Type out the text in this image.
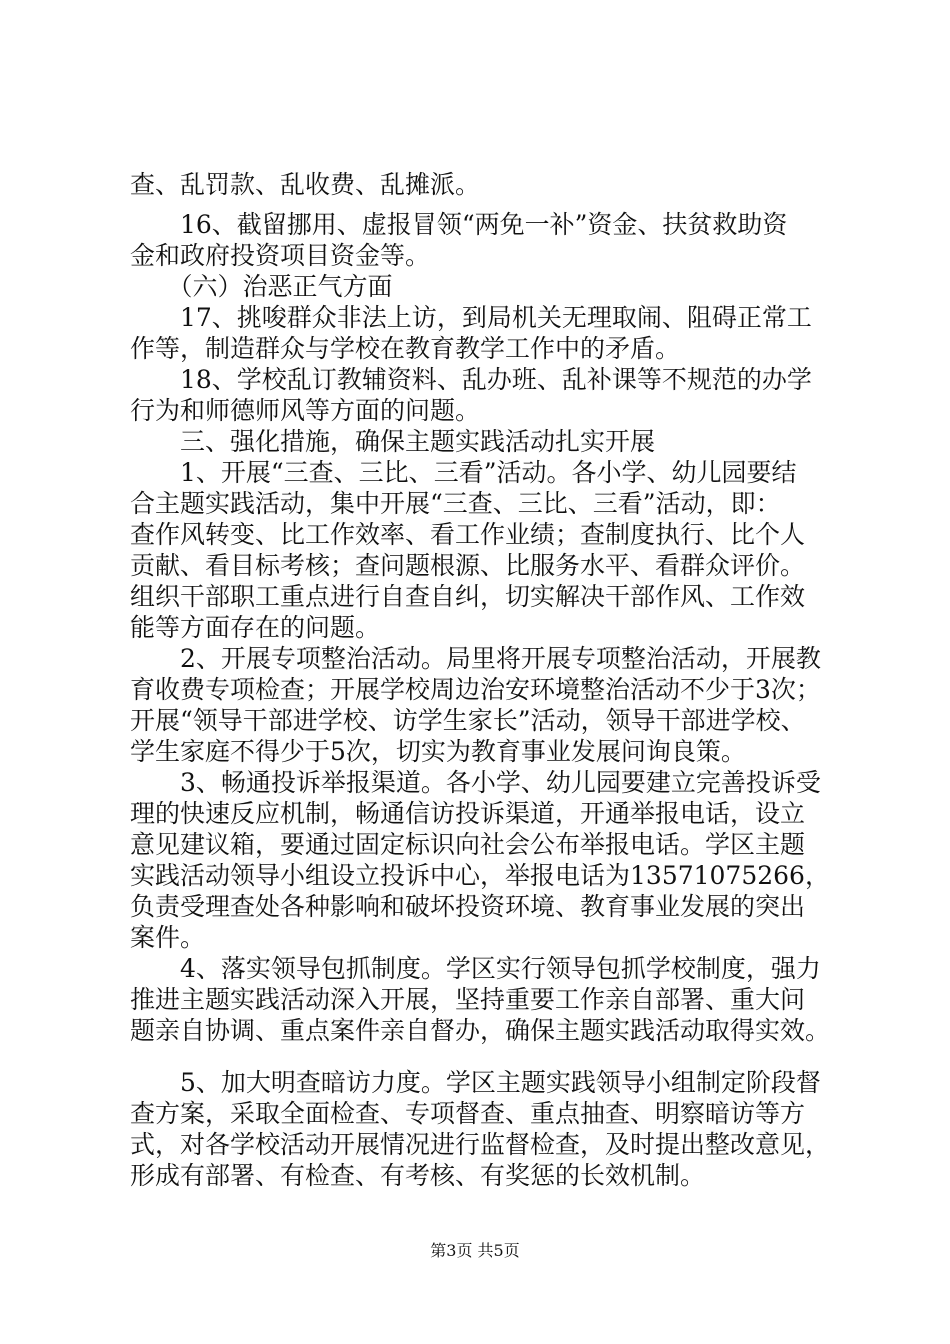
查、乱罚款、乱收费、乱摊派。
　　16、截留挪用、虚报冒领“两免一补”资金、扶贫救助资
金和政府投资项目资金等。
　　（六）治恶正气方面
　　17、挑唆群众非法上访，到局机关无理取闹、阻碍正常工
作等，制造群众与学校在教育教学工作中的矛盾。
　　18、学校乱订教辅资料、乱办班、乱补课等不规范的办学
行为和师德师风等方面的问题。
　　三、强化措施，确保主题实践活动扎实开展
　　1、开展“三查、三比、三看”活动。各小学、幼儿园要结
合主题实践活动，集中开展“三查、三比、三看”活动，即：
查作风转变、比工作效率、看工作业绩；查制度执行、比个人
贡献、看目标考核；查问题根源、比服务水平、看群众评价。
组织干部职工重点进行自查自纠，切实解决干部作风、工作效
能等方面存在的问题。
　　2、开展专项整治活动。局里将开展专项整治活动，开展教
育收费专项检查；开展学校周边治安环境整治活动不少于3次；
开展“领导干部进学校、访学生家长”活动，领导干部进学校、
学生家庭不得少于5次，切实为教育事业发展问询良策。
　　3、畅通投诉举报渠道。各小学、幼儿园要建立完善投诉受
理的快速反应机制，畅通信访投诉渠道，开通举报电话，设立
意见建议箱，要通过固定标识向社会公布举报电话。学区主题
实践活动领导小组设立投诉中心，举报电话为13571075266，
负责受理查处各种影响和破坏投资环境、教育事业发展的突出
案件。
　　4、落实领导包抓制度。学区实行领导包抓学校制度，强力
推进主题实践活动深入开展，坚持重要工作亲自部署、重大问
题亲自协调、重点案件亲自督办，确保主题实践活动取得实效。
　　5、加大明查暗访力度。学区主题实践领导小组制定阶段督
查方案，采取全面检查、专项督查、重点抽查、明察暗访等方
式，对各学校活动开展情况进行监督检查，及时提出整改意见，
形成有部署、有检查、有考核、有奖惩的长效机制。
第3页 共5页
